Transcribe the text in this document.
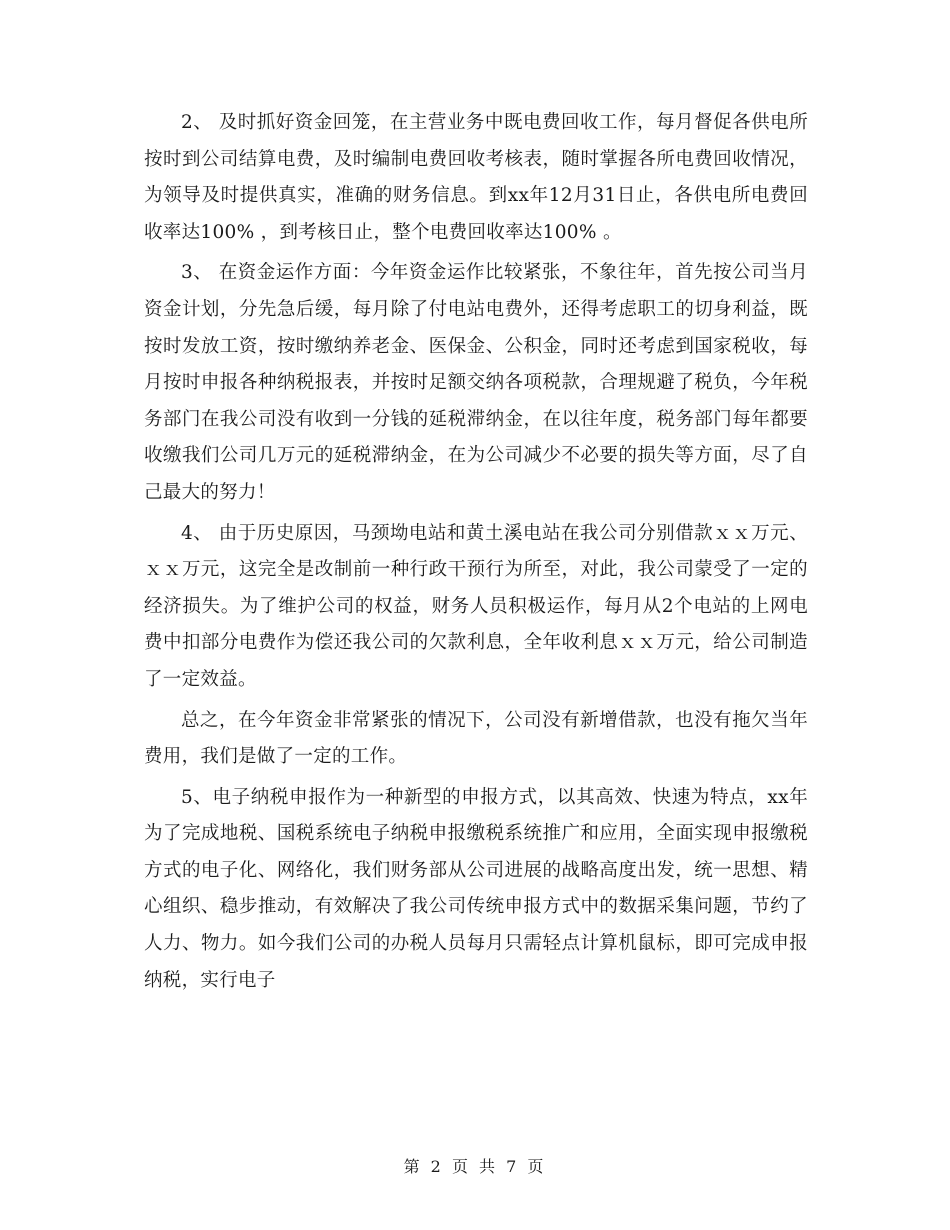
2、 及时抓好资金回笼，在主营业务中既电费回收工作，每月督促各供电所按时到公司结算电费，及时编制电费回收考核表，随时掌握各所电费回收情况，为领导及时提供真实，准确的财务信息。到xx年12月31日止，各供电所电费回收率达100% ，到考核日止，整个电费回收率达100% 。

3、 在资金运作方面：今年资金运作比较紧张，不象往年，首先按公司当月资金计划，分先急后缓，每月除了付电站电费外，还得考虑职工的切身利益，既按时发放工资，按时缴纳养老金、医保金、公积金，同时还考虑到国家税收，每月按时申报各种纳税报表，并按时足额交纳各项税款，合理规避了税负，今年税务部门在我公司没有收到一分钱的延税滞纳金，在以往年度，税务部门每年都要收缴我们公司几万元的延税滞纳金，在为公司减少不必要的损失等方面，尽了自己最大的努力！

4、 由于历史原因，马颈坳电站和黄土溪电站在我公司分别借款ｘｘ万元、ｘｘ万元，这完全是改制前一种行政干预行为所至，对此，我公司蒙受了一定的经济损失。为了维护公司的权益，财务人员积极运作，每月从2个电站的上网电费中扣部分电费作为偿还我公司的欠款利息，全年收利息ｘｘ万元，给公司制造了一定效益。

总之，在今年资金非常紧张的情况下，公司没有新增借款，也没有拖欠当年费用，我们是做了一定的工作。

5、电子纳税申报作为一种新型的申报方式，以其高效、快速为特点，xx年为了完成地税、国税系统电子纳税申报缴税系统推广和应用，全面实现申报缴税方式的电子化、网络化，我们财务部从公司进展的战略高度出发，统一思想、精心组织、稳步推动，有效解决了我公司传统申报方式中的数据采集问题，节约了人力、物力。如今我们公司的办税人员每月只需轻点计算机鼠标，即可完成申报纳税，实行电子

第 2 页 共 7 页
